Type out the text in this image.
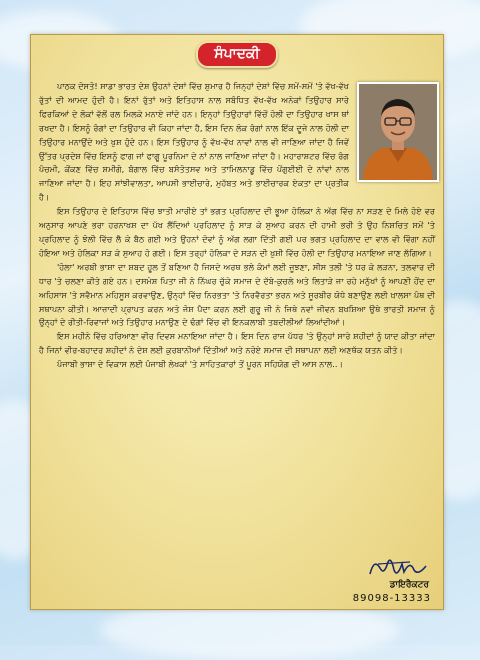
ਸੰਪਾਦਕੀ

ਪਾਠਕ ਦੋਸਤੋ! ਸਾਡਾ ਭਾਰਤ ਦੇਸ਼ ਉਹਨਾਂ ਦੇਸ਼ਾਂ ਵਿੱਚ ਸ਼ੁਮਾਰ ਹੈ ਜਿਨ੍ਹਾਂ ਦੇਸ਼ਾਂ ਵਿੱਚ ਸਮੇਂ-ਸਮੇਂ 'ਤੇ ਵੱਖ-ਵੱਖ ਰੁੱਤਾਂ ਦੀ ਆਮਦ ਹੁੰਦੀ ਹੈ। ਇਨਾਂ ਰੁੱਤਾਂ ਅਤੇ ਇਤਿਹਾਸ ਨਾਲ ਸਬੰਧਿਤ ਵੱਖ-ਵੱਖ ਅਨੇਕਾਂ ਤਿਉਹਾਰ ਸਾਰੇ ਫਿਰਕਿਆਂ ਦੇ ਲੋਕਾਂ ਵੱਲੋਂ ਰਲ ਮਿਲਕੇ ਮਨਾਏ ਜਾਂਦੇ ਹਨ। ਇਨ੍ਹਾਂ ਤਿਉਹਾਰਾਂ ਵਿੱਚੋਂ ਹੋਲੀ ਦਾ ਤਿਉਹਾਰ ਖਾਸ ਥਾਂ ਰਖਦਾ ਹੈ। ਇਸਨੂੰ ਰੰਗਾਂ ਦਾ ਤਿਉਹਾਰ ਵੀ ਕਿਹਾ ਜਾਂਦਾ ਹੈ, ਇਸ ਦਿਨ ਲੋਕ ਰੰਗਾਂ ਨਾਲ ਇੱਕ ਦੂਜੇ ਨਾਲ ਹੋਲੀ ਦਾ ਤਿਉਹਾਰ ਮਨਾਉਂਦੇ ਅਤੇ ਖੁਸ਼ ਹੁੰਦੇ ਹਨ। ਇਸ ਤਿਉਹਾਰ ਨੂੰ ਵੱਖ-ਵੱਖ ਨਾਵਾਂ ਨਾਲ ਵੀ ਜਾਣਿਆ ਜਾਂਦਾ ਹੈ ਜਿਵੇਂ ਉੱਤਰ ਪ੍ਰਦੇਸ਼ ਵਿੱਚ ਇਸਨੂੰ ਫਾਗ ਜਾਂ ਫਾਗੂ ਪੂਰਨਿਮਾ ਦੇ ਨਾਂ ਨਾਲ ਜਾਣਿਆ ਜਾਂਦਾ ਹੈ। ਮਹਾਰਾਸ਼ਟਰ ਵਿੱਚ ਰੰਗ ਪੰਚਮੀ, ਕੋਂਕਣ ਵਿੱਚ ਸ਼ਮੀਗੋ, ਬੰਗਾਲ ਵਿੱਚ ਬਸੰਤੋਤਸਵ ਅਤੇ ਤਾਮਿਲਨਾਡੂ ਵਿੱਚ ਪੋਂਗੁਈਈ ਦੇ ਨਾਂਵਾਂ ਨਾਲ ਜਾਣਿਆ ਜਾਂਦਾ ਹੈ। ਇਹ ਸਾਂਝੀਵਾਲਤਾ, ਆਪਸੀ ਭਾਈਚਾਰੇ, ਮੁਹੱਬਤ ਅਤੇ ਭਾਈਚਾਰਕ ਏਕਤਾ ਦਾ ਪ੍ਰਤੀਕ ਹੈ।

ਇਸ ਤਿਉਹਾਰ ਦੇ ਇਤਿਹਾਸ ਵਿੱਚ ਝਾਤੀ ਮਾਰੀਏ ਤਾਂ ਭਗਤ ਪ੍ਰਹਿਲਾਦ ਦੀ ਭੂਆ ਹੋਲਿਕਾ ਨੇ ਅੱਗ ਵਿੱਚ ਨਾ ਸੜਣ ਦੇ ਮਿਲੇ ਹੋਏ ਵਰ ਅਨੁਸਾਰ ਆਪਣੇ ਭਰਾ ਹਰਨਾਖਸ਼ ਦਾ ਪੱਖ ਲੈਂਦਿਆਂ ਪ੍ਰਹਿਲਾਦ ਨੂੰ ਸਾੜ ਕੇ ਸੁਆਹ ਕਰਨ ਦੀ ਹਾਮੀ ਭਰੀ ਤੇ ਉਹ ਨਿਸ਼ਚਿਤ ਸਮੇਂ 'ਤੇ ਪ੍ਰਹਿਲਾਦ ਨੂੰ ਝੋਲੀ ਵਿੱਚ ਲੈ ਕੇ ਬੈਠ ਗਈ ਅਤੇ ਉਹਨਾਂ ਦੋਵਾਂ ਨੂੰ ਅੱਗ ਲਗਾ ਦਿੱਤੀ ਗਈ ਪਰ ਭਗਤ ਪ੍ਰਹਿਲਾਦ ਦਾ ਵਾਲ ਵੀ ਵਿੰਗਾ ਨਹੀਂ ਹੋਇਆ ਅਤੇ ਹੋਲਿਕਾ ਸੜ ਕੇ ਸੁਆਹ ਹੋ ਗਈ। ਇਸ ਤਰ੍ਹਾਂ ਹੋਲਿਕਾ ਦੇ ਸੜਨ ਦੀ ਖੁਸ਼ੀ ਵਿੱਚ ਹੋਲੀ ਦਾ ਤਿਉਹਾਰ ਮਨਾਇਆ ਜਾਣ ਲੱਗਿਆ।

'ਹੋਲਾ' ਅਰਬੀ ਭਾਸ਼ਾ ਦਾ ਸ਼ਬਦ ਹੂਲ ਤੋਂ ਬਣਿਆ ਹੈ ਜਿਸਦੇ ਅਰਥ ਭਲੇ ਕੰਮਾਂ ਲਈ ਜੂਝਣਾ, ਸੀਸ ਤਲੀ 'ਤੇ ਧਰ ਕੇ ਲੜਨਾ, ਤਲਵਾਰ ਦੀ ਧਾਰ 'ਤੇ ਚਲਣਾ ਕੀਤੇ ਗਏ ਹਨ। ਦਸਮੇਸ਼ ਪਿਤਾ ਜੀ ਨੇ ਨਿੱਘਰ ਚੁੱਕੇ ਸਮਾਜ ਦੇ ਦੱਬੇ-ਕੁਚਲੇ ਅਤੇ ਲਿਤਾੜੇ ਜਾ ਰਹੇ ਮਨੁੱਖਾਂ ਨੂੰ ਆਪਣੀ ਹੋਂਦ ਦਾ ਅਹਿਸਾਸ 'ਤੇ ਸਵੈਮਾਨ ਮਹਿਸੂਸ ਕਰਵਾਉਣ, ਉਨ੍ਹਾਂ ਵਿੱਚ ਨਿਰਭਤਾ 'ਤੇ ਨਿਰਵੈਰਤਾ ਭਰਨ ਅਤੇ ਸੂਰਬੀਰ ਯੋਧੇ ਬਣਾਉਣ ਲਈ ਖ਼ਾਲਸਾ ਪੰਥ ਦੀ ਸਥਾਪਨਾ ਕੀਤੀ। ਆਜ਼ਾਦੀ ਪ੍ਰਾਪਤ ਕਰਨ ਅਤੇ ਜੋਸ਼ ਪੈਦਾ ਕਰਨ ਲਈ ਗੁਰੂ ਜੀ ਨੇ ਜਿਥੇ ਨਵਾਂ ਜੀਵਨ ਬਖਸ਼ਿਆ ਉਥੇ ਭਾਰਤੀ ਸਮਾਜ ਨੂੰ ਉਨ੍ਹਾਂ ਦੇ ਰੀਤੀ-ਰਿਵਾਜਾਂ ਅਤੇ ਤਿਉਹਾਰ ਮਨਾਉਣ ਦੇ ਢੰਗਾਂ ਵਿੱਚ ਵੀ ਇਨਕਲਾਬੀ ਤਬਦੀਲੀਆਂ ਲਿਆਂਦੀਆਂ।

ਇਸ ਮਹੀਨੇ ਵਿੱਚ ਹਰਿਆਣਾ ਵੀਰ ਦਿਵਸ ਮਨਾਇਆ ਜਾਂਦਾ ਹੈ। ਇਸ ਦਿਨ ਰਾਜ ਪੱਧਰ 'ਤੇ ਉਨ੍ਹਾਂ ਸਾਰੇ ਸ਼ਹੀਦਾਂ ਨੂੰ ਯਾਦ ਕੀਤਾ ਜਾਂਦਾ ਹੈ ਜਿਨਾਂ ਵੀਰ-ਬਹਾਦਰ ਸ਼ਹੀਦਾਂ ਨੇ ਦੇਸ਼ ਲਈ ਕੁਰਬਾਨੀਆਂ ਦਿੱਤੀਆਂ ਅਤੇ ਨਰੋਏ ਸਮਾਜ ਦੀ ਸਥਾਪਨਾ ਲਈ ਅਣਥੱਕ ਯਤਨ ਕੀਤੇ।

ਪੰਜਾਬੀ ਭਾਸ਼ਾ ਦੇ ਵਿਕਾਸ ਲਈ ਪੰਜਾਬੀ ਲੇਖਕਾਂ 'ਤੇ ਸਾਹਿਤਕਾਰਾਂ ਤੋਂ ਪੂਰਨ ਸਹਿਯੋਗ ਦੀ ਆਸ ਨਾਲ..।

ਡਾਇਰੈਕਟਰ
89098-13333
